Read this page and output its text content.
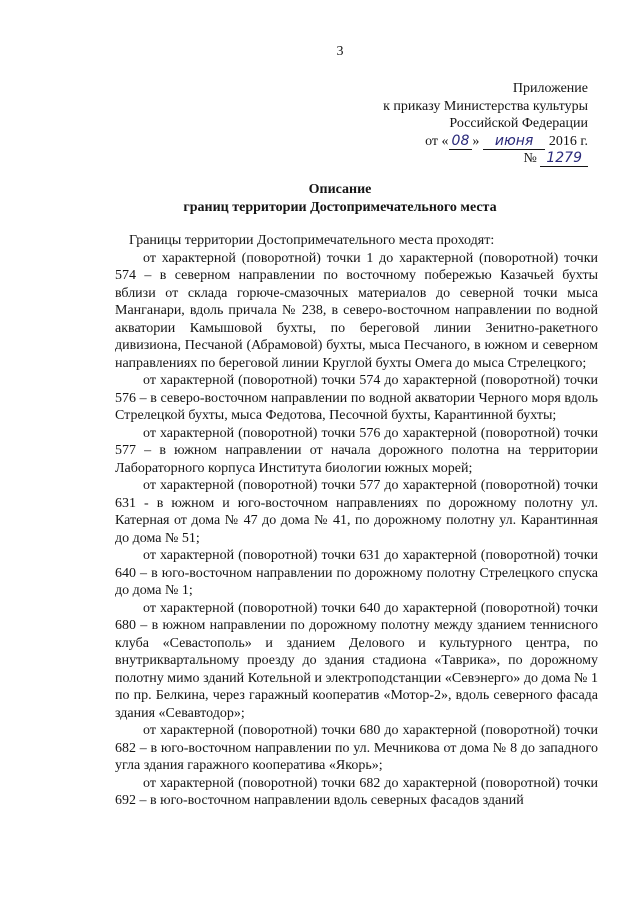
3
Приложение
к приказу Министерства культуры
Российской Федерации
от « 08 » июня 2016 г.
№ 1279
Описание
границ территории Достопримечательного места

Границы территории Достопримечательного места проходят:

от характерной (поворотной) точки 1 до характерной (поворотной) точки 574 – в северном направлении по восточному побережью Казачьей бухты вблизи от склада горюче-смазочных материалов до северной точки мыса Манганари, вдоль причала № 238, в северо-восточном направлении по водной акватории Камышовой бухты, по береговой линии Зенитно-ракетного дивизиона, Песчаной (Абрамовой) бухты, мыса Песчаного, в южном и северном направлениях по береговой линии Круглой бухты Омега до мыса Стрелецкого;

от характерной (поворотной) точки 574 до характерной (поворотной) точки 576 – в северо-восточном направлении по водной акватории Черного моря вдоль Стрелецкой бухты, мыса Федотова, Песочной бухты, Карантинной бухты;

от характерной (поворотной) точки 576 до характерной (поворотной) точки 577 – в южном направлении от начала дорожного полотна на территории Лабораторного корпуса Института биологии южных морей;

от характерной (поворотной) точки 577 до характерной (поворотной) точки 631 - в южном и юго-восточном направлениях по дорожному полотну ул. Катерная от дома № 47 до дома № 41, по дорожному полотну ул. Карантинная до дома № 51;

от характерной (поворотной) точки 631 до характерной (поворотной) точки 640 – в юго-восточном направлении по дорожному полотну Стрелецкого спуска до дома № 1;

от характерной (поворотной) точки 640 до характерной (поворотной) точки 680 – в южном направлении по дорожному полотну между зданием теннисного клуба «Севастополь» и зданием Делового и культурного центра, по внутриквартальному проезду до здания стадиона «Таврика», по дорожному полотну мимо зданий Котельной и электроподстанции «Севэнерго» до дома № 1 по пр. Белкина, через гаражный кооператив «Мотор-2», вдоль северного фасада здания «Севавтодор»;

от характерной (поворотной) точки 680 до характерной (поворотной) точки 682 – в юго-восточном направлении по ул. Мечникова от дома № 8 до западного угла здания гаражного кооператива «Якорь»;

от характерной (поворотной) точки 682 до характерной (поворотной) точки 692 – в юго-восточном направлении вдоль северных фасадов зданий
